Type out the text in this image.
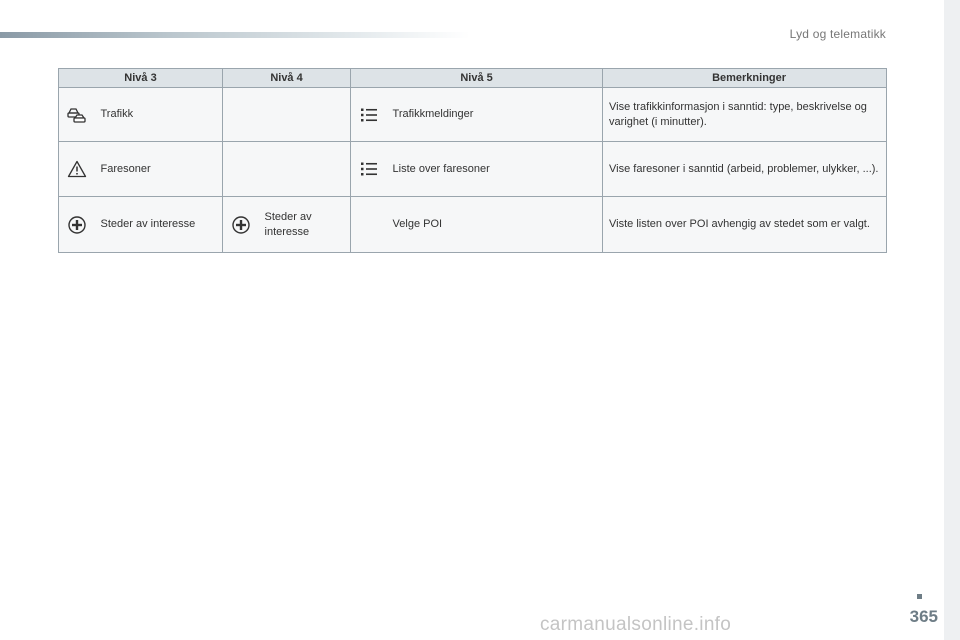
Lyd og telematikk
Nivå 3		Nivå 4		Nivå 5		Bemerkninger

	Trafikk				Trafikkmeldinger	Vise trafikkinformasjon i sanntid: type, beskrivelse og varighet (i minutter).

	Faresoner				Liste over faresoner	Vise faresoner i sanntid (arbeid, problemer, ulykker, ...).

	Steder av interesse		Steder av interesse		Velge POI	Viste listen over POI avhengig av stedet som er valgt.
365
carmanualsonline.info
